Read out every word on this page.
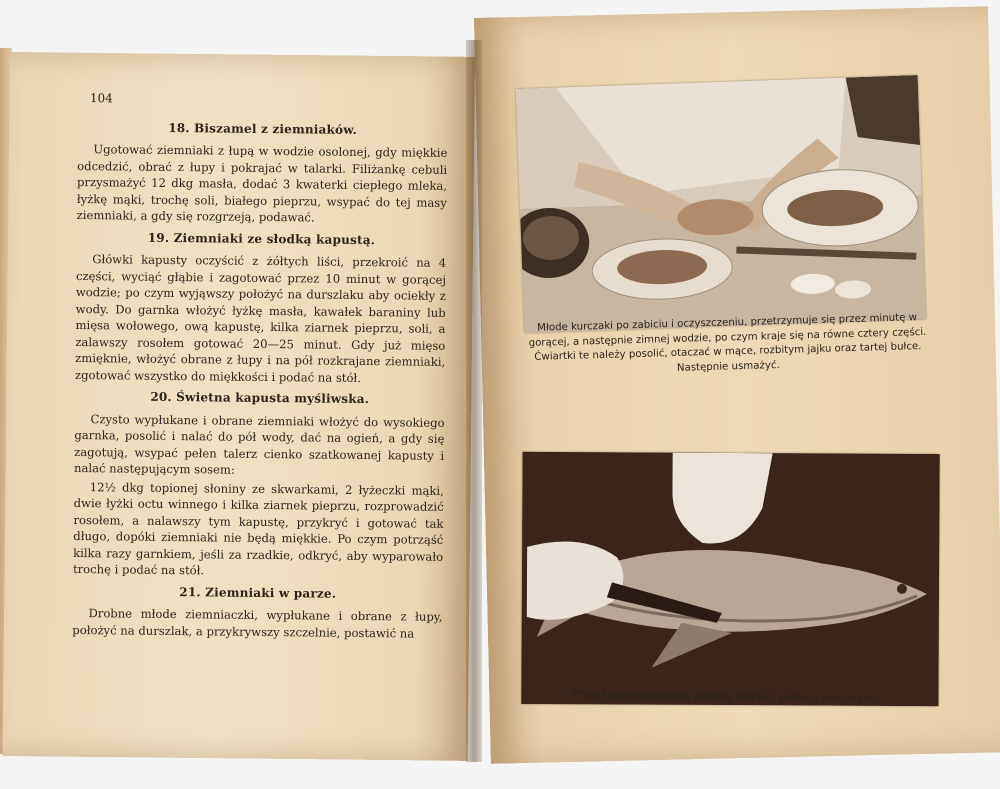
104
18. Biszamel z ziemniaków.

Ugotować ziemniaki z łupą w wodzie osolonej, gdy miękkie odcedzić, obrać z łupy i pokrajać w talarki. Filiżankę cebuli przysmażyć 12 dkg masła, dodać 3 kwaterki ciepłego mleka, łyżkę mąki, trochę soli, białego pieprzu, wsypać do tej masy ziemniaki, a gdy się rozgrzeją, podawać.

19. Ziemniaki ze słodką kapustą.

Główki kapusty oczyścić z żółtych liści, przekroić na 4 części, wyciąć głąbie i zagotować przez 10 minut w gorącej wodzie; po czym wyjąwszy położyć na durszlaku aby ociekły z wody. Do garnka włożyć łyżkę masła, kawałek baraniny lub mięsa wołowego, ową kapustę, kilka ziarnek pieprzu, soli, a zalawszy rosołem gotować 20—25 minut. Gdy już mięso zmięknie, włożyć obrane z łupy i na pół rozkrajane ziemniaki, zgotować wszystko do miękkości i podać na stół.

20. Świetna kapusta myśliwska.

Czysto wypłukane i obrane ziemniaki włożyć do wysokiego garnka, posolić i nalać do pół wody, dać na ogień, a gdy się zagotują, wsypać pełen talerz cienko szatkowanej kapusty i nalać następującym sosem:

12½ dkg topionej słoniny ze skwarkami, 2 łyżeczki mąki, dwie łyżki octu winnego i kilka ziarnek pieprzu, rozprowadzić rosołem, a nalawszy tym kapustę, przykryć i gotować tak długo, dopóki ziemniaki nie będą miękkie. Po czym potrząść kilka razy garnkiem, jeśli za rzadkie, odkryć, aby wyparowało trochę i podać na stół.

21. Ziemniaki w parze.

Drobne młode ziemniaczki, wypłukane i obrane z łupy, położyć na durszlak, a przykrywszy szczelnie, postawić na

Młode kurczaki po zabiciu i oczyszczeniu, przetrzymuje się przez minutę w gorącej, a następnie zimnej wodzie, po czym kraje się na równe cztery części. Ćwiartki te należy posolić, otaczać w mące, rozbitym jajku oraz tartej bułce. Następnie usmażyć.
Przed ugotowaniem należy odciąć płetwy nożycami.
